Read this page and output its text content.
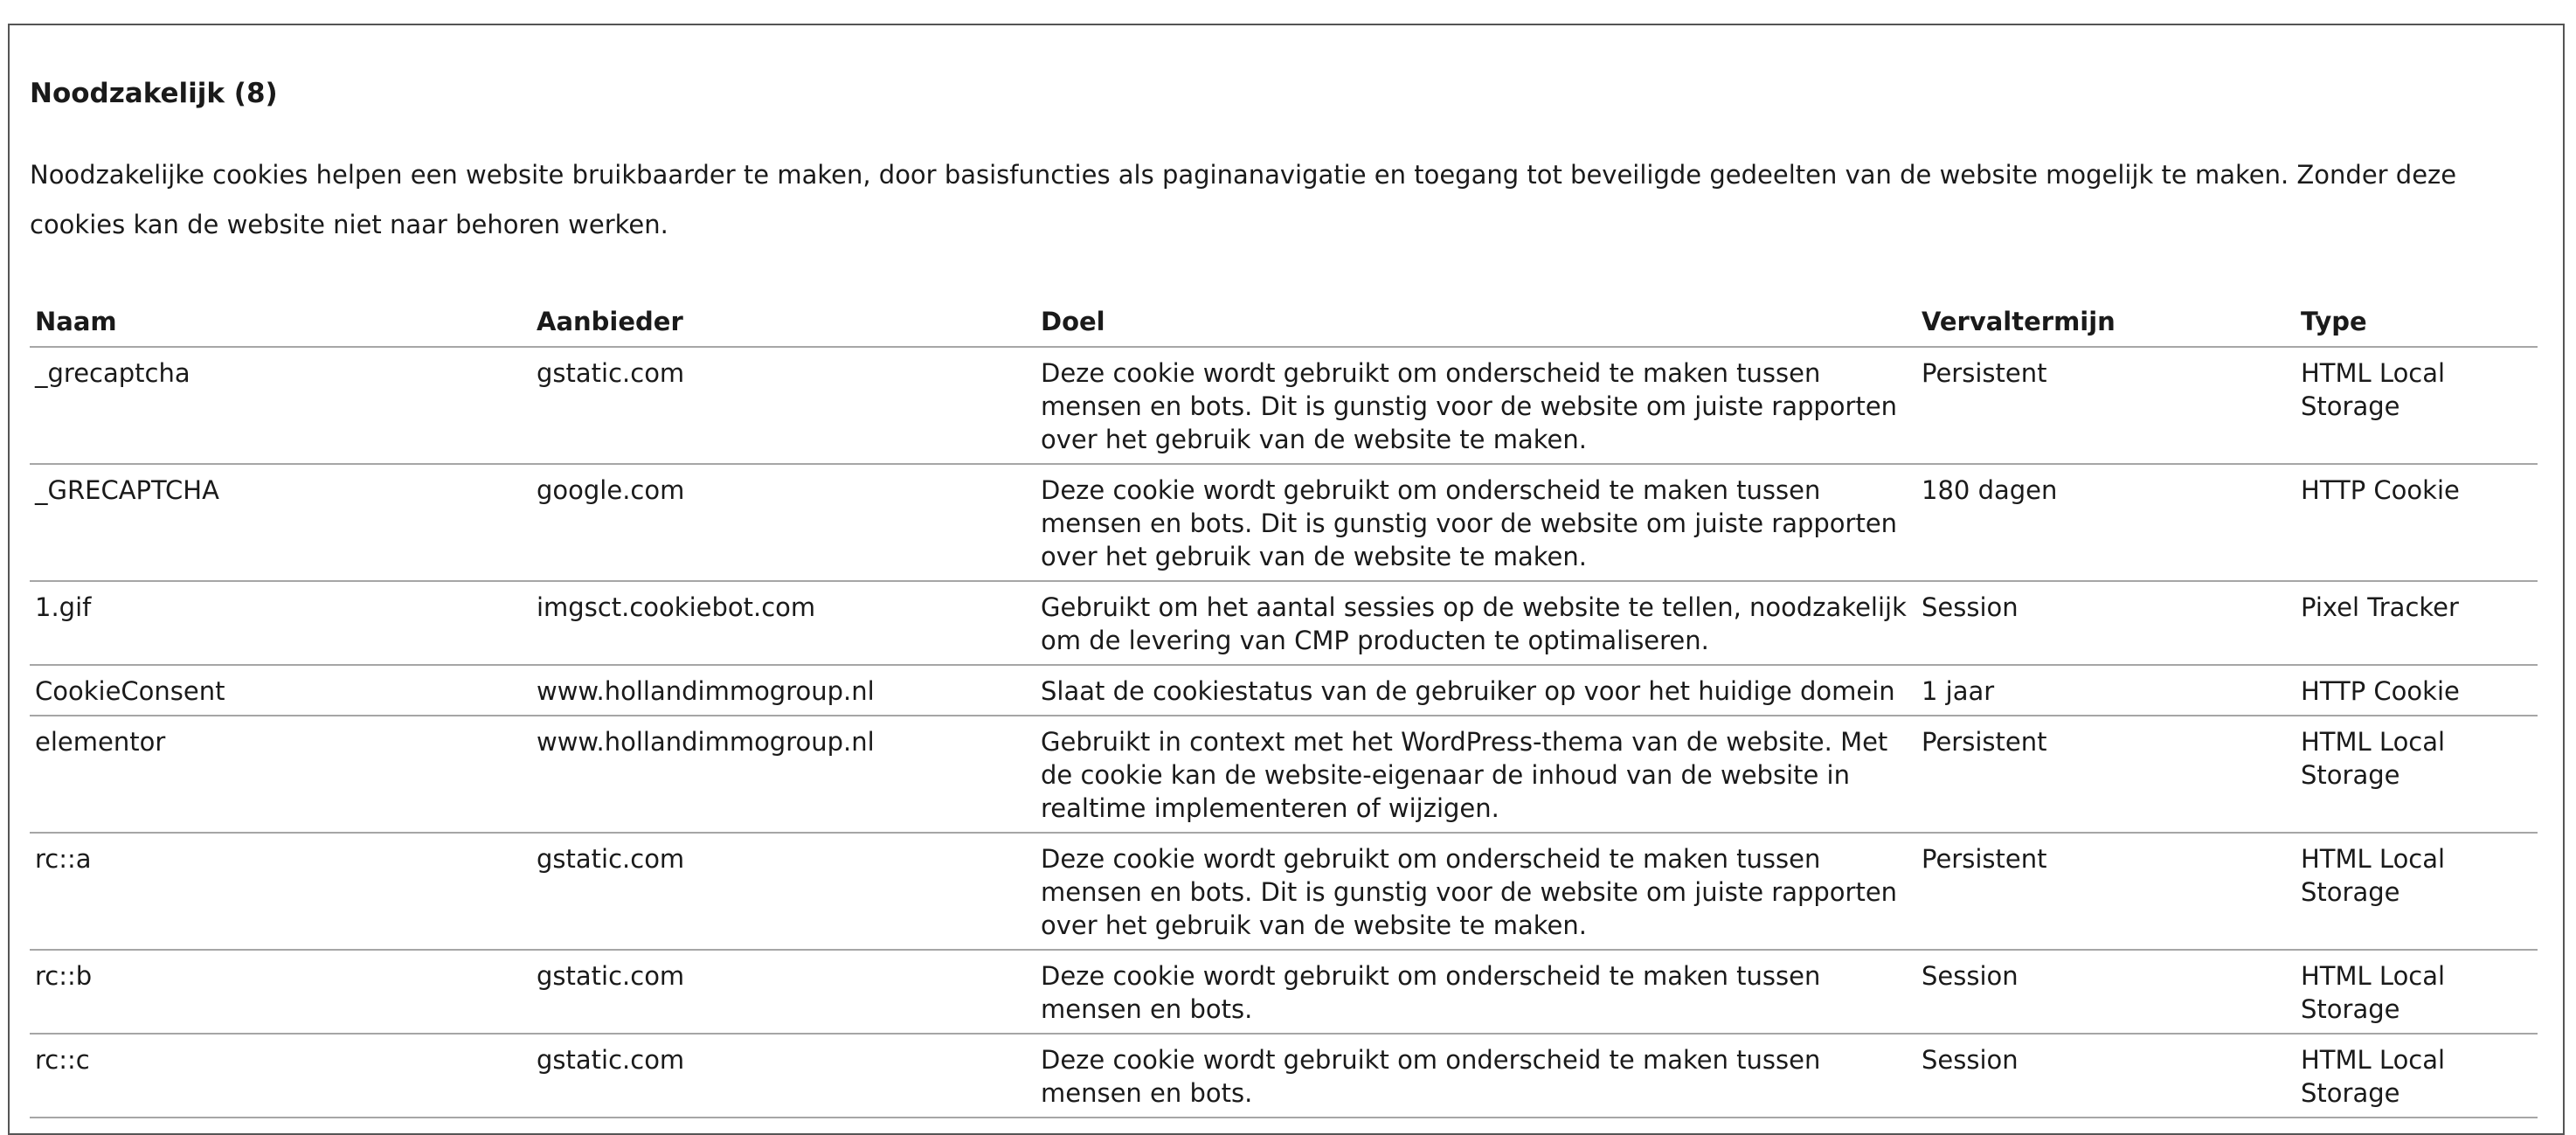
Noodzakelijk (8)

Noodzakelijke cookies helpen een website bruikbaarder te maken, door basisfuncties als paginanavigatie en toegang tot beveiligde gedeelten van de website mogelijk te maken. Zonder deze cookies kan de website niet naar behoren werken.

Naam	Aanbieder	Doel	Vervaltermijn	Type
_grecaptcha	gstatic.com	Deze cookie wordt gebruikt om onderscheid te maken tussen mensen en bots. Dit is gunstig voor de website om juiste rapporten over het gebruik van de website te maken.	Persistent	HTML Local Storage
_GRECAPTCHA	google.com	Deze cookie wordt gebruikt om onderscheid te maken tussen mensen en bots. Dit is gunstig voor de website om juiste rapporten over het gebruik van de website te maken.	180 dagen	HTTP Cookie
1.gif	imgsct.cookiebot.com	Gebruikt om het aantal sessies op de website te tellen, noodzakelijk om de levering van CMP producten te optimaliseren.	Session	Pixel Tracker
CookieConsent	www.hollandimmogroup.nl	Slaat de cookiestatus van de gebruiker op voor het huidige domein	1 jaar	HTTP Cookie
elementor	www.hollandimmogroup.nl	Gebruikt in context met het WordPress-thema van de website. Met de cookie kan de website-eigenaar de inhoud van de website in realtime implementeren of wijzigen.	Persistent	HTML Local Storage
rc::a	gstatic.com	Deze cookie wordt gebruikt om onderscheid te maken tussen mensen en bots. Dit is gunstig voor de website om juiste rapporten over het gebruik van de website te maken.	Persistent	HTML Local Storage
rc::b	gstatic.com	Deze cookie wordt gebruikt om onderscheid te maken tussen mensen en bots.	Session	HTML Local Storage
rc::c	gstatic.com	Deze cookie wordt gebruikt om onderscheid te maken tussen mensen en bots.	Session	HTML Local Storage
